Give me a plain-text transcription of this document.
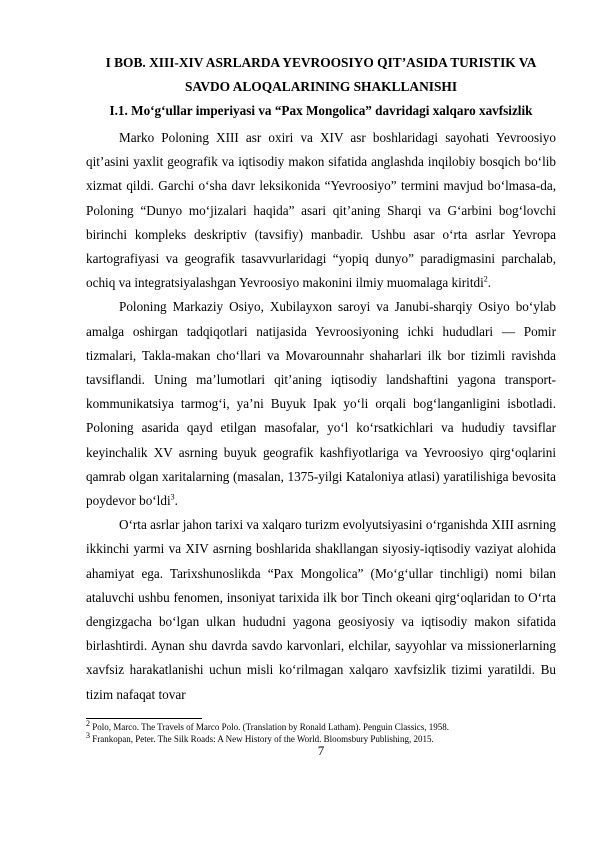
I BOB. XIII-XIV ASRLARDA YEVROOSIYO QIT’ASIDA TURISTIK VA SAVDO ALOQALARINING SHAKLLANISHI
I.1. Mo‘g‘ullar imperiyasi va “Pax Mongolica” davridagi xalqaro xavfsizlik

Marko Poloning XIII asr oxiri va XIV asr boshlaridagi sayohati Yevroosiyo qit’asini yaxlit geografik va iqtisodiy makon sifatida anglashda inqilobiy bosqich bo‘lib xizmat qildi. Garchi o‘sha davr leksikonida “Yevroosiyo” termini mavjud bo‘lmasa-da, Poloning “Dunyo mo‘jizalari haqida” asari qit’aning Sharqi va G‘arbini bog‘lovchi birinchi kompleks deskriptiv (tavsifiy) manbadir. Ushbu asar o‘rta asrlar Yevropa kartografiyasi va geografik tasavvurlaridagi “yopiq dunyo” paradigmasini parchalab, ochiq va integratsiyalashgan Yevroosiyo makonini ilmiy muomalaga kiritdi$^2$.

Poloning Markaziy Osiyo, Xubilayxon saroyi va Janubi-sharqiy Osiyo bo‘ylab amalga oshirgan tadqiqotlari natijasida Yevroosiyoning ichki hududlari — Pomir tizmalari, Takla-makan cho‘llari va Movarounnahr shaharlari ilk bor tizimli ravishda tavsiflandi. Uning ma’lumotlari qit’aning iqtisodiy landshaftini yagona transport-kommunikatsiya tarmog‘i, ya’ni Buyuk Ipak yo‘li orqali bog‘langanligini isbotladi. Poloning asarida qayd etilgan masofalar, yo‘l ko‘rsatkichlari va hududiy tavsiflar keyinchalik XV asrning buyuk geografik kashfiyotlariga va Yevroosiyo qirg‘oqlarini qamrab olgan xaritalarning (masalan, 1375-yilgi Kataloniya atlasi) yaratilishiga bevosita poydevor bo‘ldi$^3$.

O‘rta asrlar jahon tarixi va xalqaro turizm evolyutsiyasini o‘rganishda XIII asrning ikkinchi yarmi va XIV asrning boshlarida shakllangan siyosiy-iqtisodiy vaziyat alohida ahamiyat ega. Tarixshunoslikda “Pax Mongolica” (Mo‘g‘ullar tinchligi) nomi bilan ataluvchi ushbu fenomen, insoniyat tarixida ilk bor Tinch okeani qirg‘oqlaridan to O‘rta dengizgacha bo‘lgan ulkan hududni yagona geosiyosiy va iqtisodiy makon sifatida birlashtirdi. Aynan shu davrda savdo karvonlari, elchilar, sayyohlar va missionerlarning xavfsiz harakatlanishi uchun misli ko‘rilmagan xalqaro xavfsizlik tizimi yaratildi. Bu tizim nafaqat tovar

$^2$ Polo, Marco. The Travels of Marco Polo. (Translation by Ronald Latham). Penguin Classics, 1958.
$^3$ Frankopan, Peter. The Silk Roads: A New History of the World. Bloomsbury Publishing, 2015.
7
